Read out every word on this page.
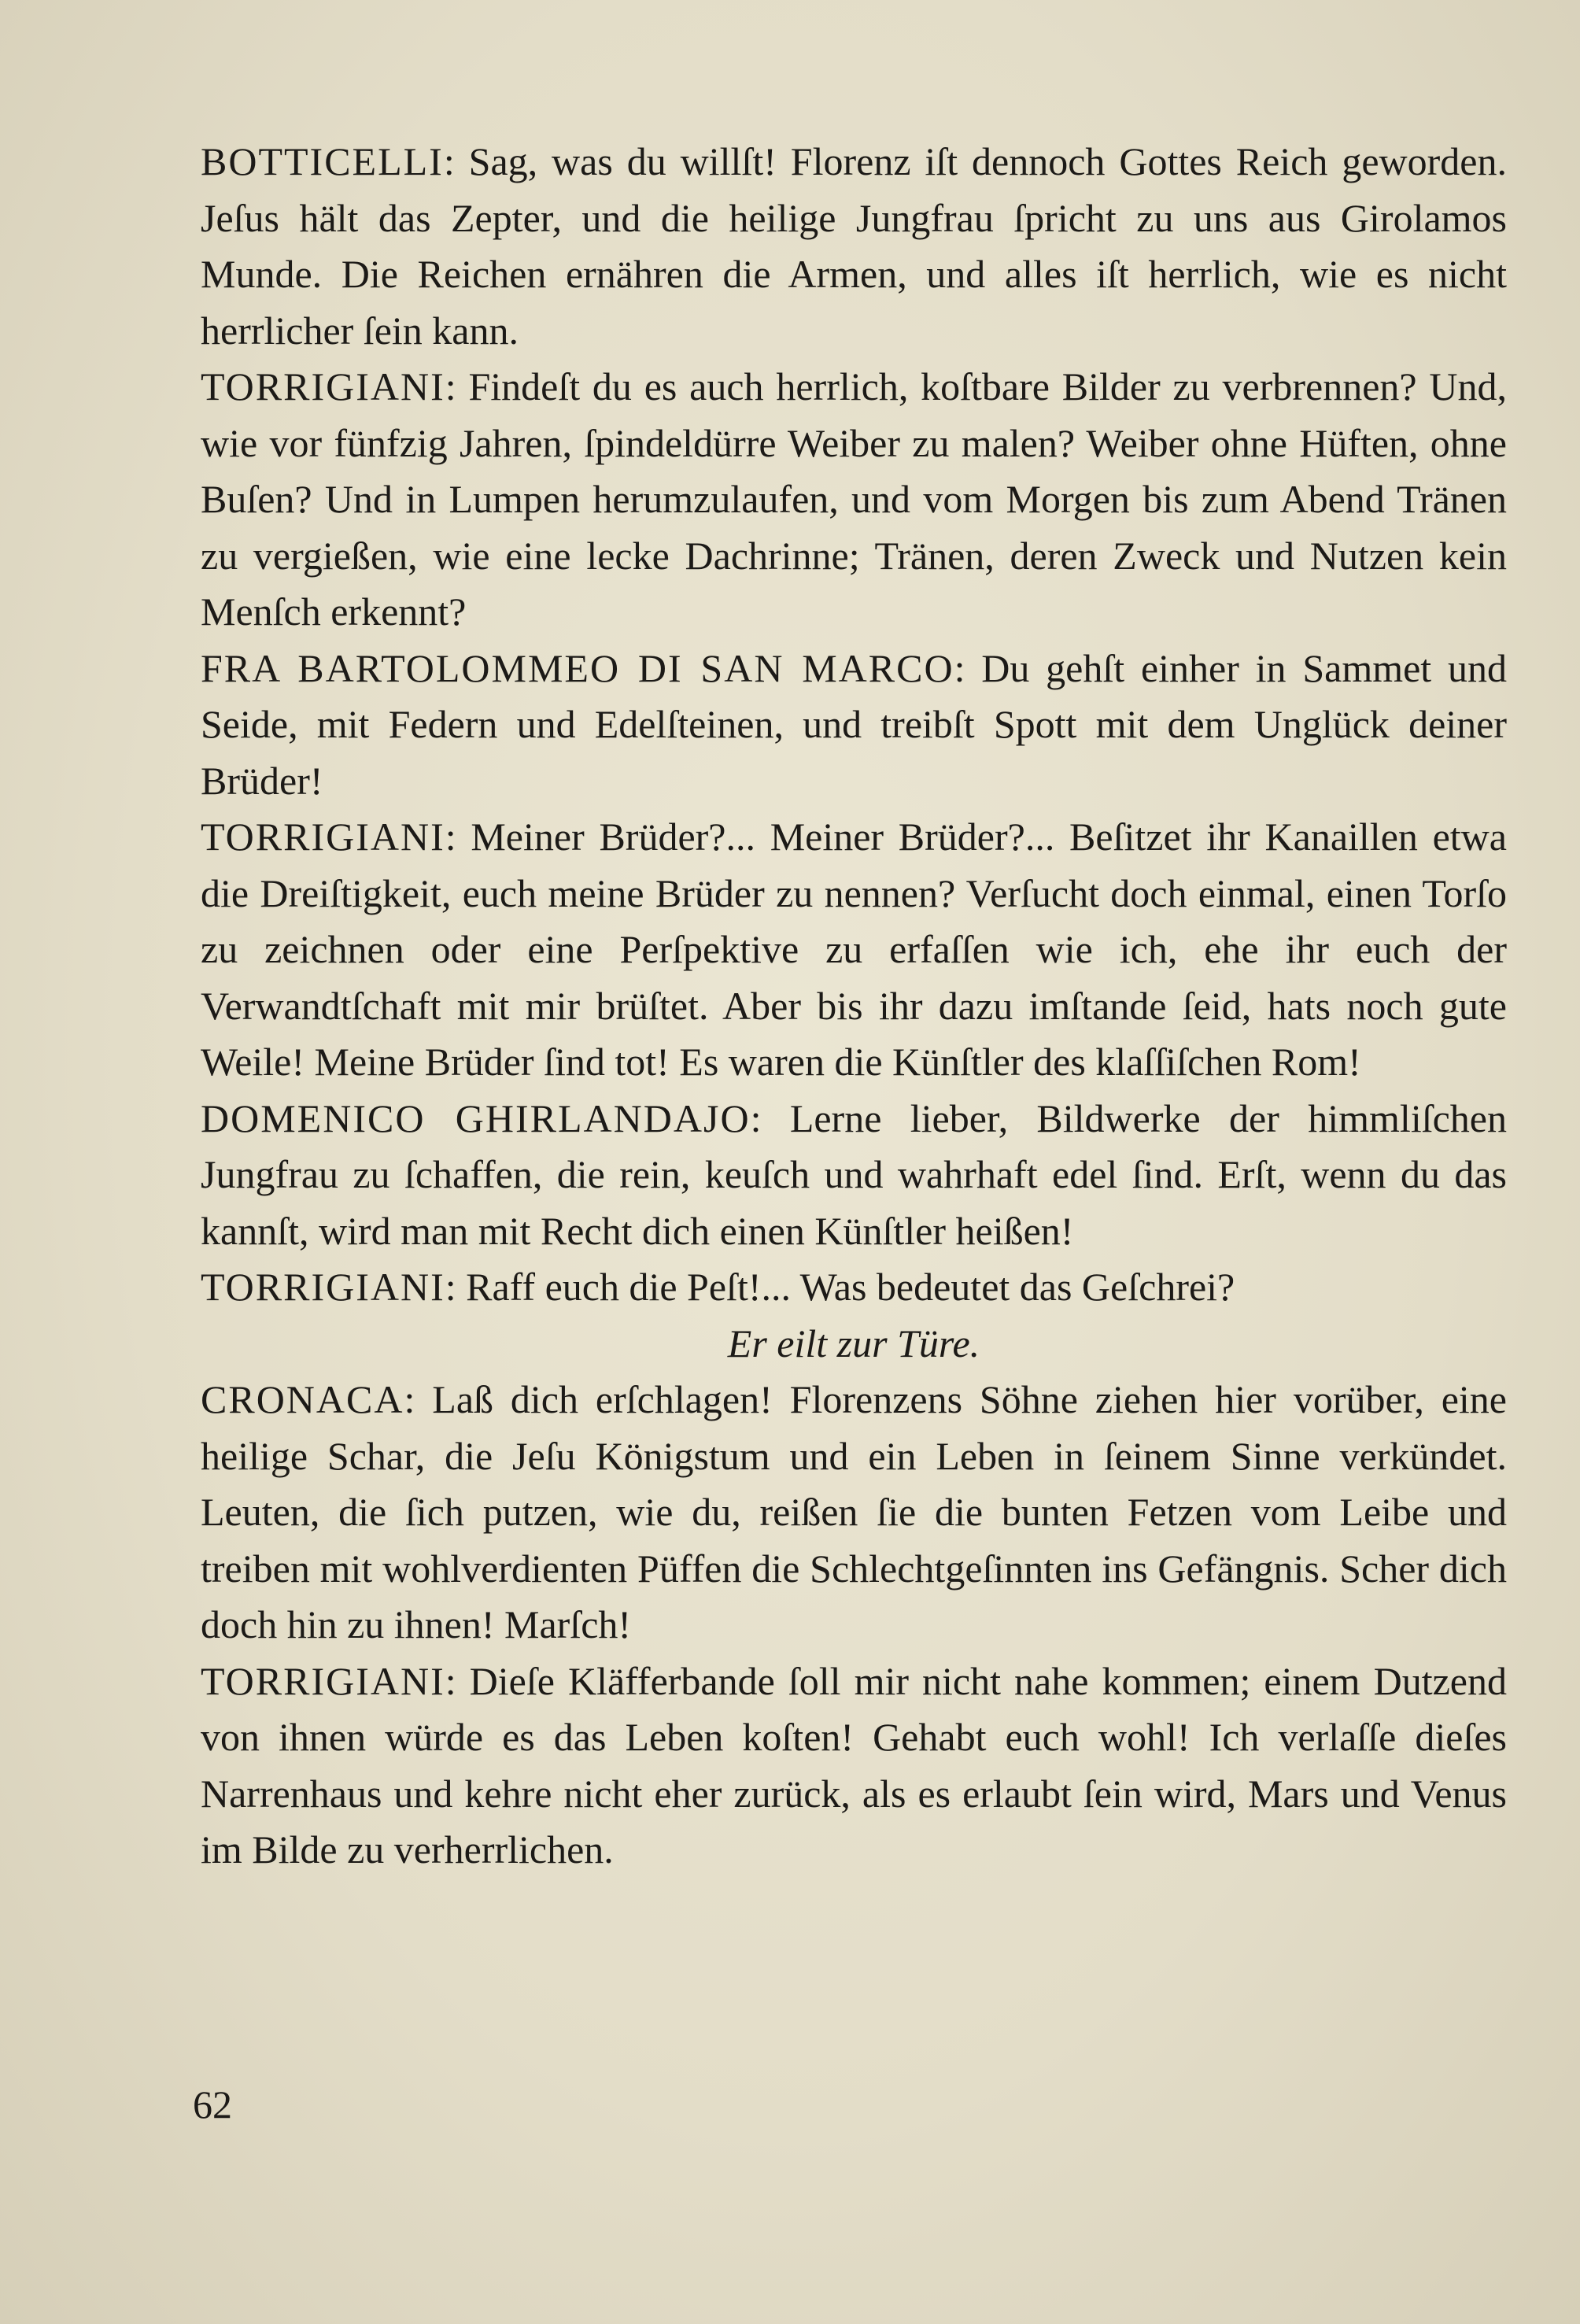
BOTTICELLI: Sag, was du willſt! Florenz iſt dennoch Gottes Reich geworden. Jeſus hält das Zepter, und die heilige Jungfrau ſpricht zu uns aus Girolamos Munde. Die Reichen ernähren die Armen, und alles iſt herrlich, wie es nicht herrlicher ſein kann.

TORRIGIANI: Findeſt du es auch herrlich, koſtbare Bilder zu verbrennen? Und, wie vor fünfzig Jahren, ſpindeldürre Weiber zu malen? Weiber ohne Hüften, ohne Buſen? Und in Lumpen herumzulaufen, und vom Morgen bis zum Abend Tränen zu vergießen, wie eine lecke Dachrinne; Tränen, deren Zweck und Nutzen kein Menſch erkennt?

FRA BARTOLOMMEO DI SAN MARCO: Du gehſt einher in Sammet und Seide, mit Federn und Edelſteinen, und treibſt Spott mit dem Unglück deiner Brüder!

TORRIGIANI: Meiner Brüder?... Meiner Brüder?... Beſitzet ihr Kanaillen etwa die Dreiſtigkeit, euch meine Brüder zu nennen? Verſucht doch einmal, einen Torſo zu zeichnen oder eine Perſpektive zu erfaſſen wie ich, ehe ihr euch der Verwandtſchaft mit mir brüſtet. Aber bis ihr dazu imſtande ſeid, hats noch gute Weile! Meine Brüder ſind tot! Es waren die Künſtler des klaſſiſchen Rom!

DOMENICO GHIRLANDAJO: Lerne lieber, Bildwerke der himmliſchen Jungfrau zu ſchaffen, die rein, keuſch und wahrhaft edel ſind. Erſt, wenn du das kannſt, wird man mit Recht dich einen Künſtler heißen!

TORRIGIANI: Raff euch die Peſt!... Was bedeutet das Geſchrei?

Er eilt zur Türe.

CRONACA: Laß dich erſchlagen! Florenzens Söhne ziehen hier vorüber, eine heilige Schar, die Jeſu Königstum und ein Leben in ſeinem Sinne verkündet. Leuten, die ſich putzen, wie du, reißen ſie die bunten Fetzen vom Leibe und treiben mit wohlverdienten Püffen die Schlechtgeſinnten ins Gefängnis. Scher dich doch hin zu ihnen! Marſch!

TORRIGIANI: Dieſe Kläfferbande ſoll mir nicht nahe kommen; einem Dutzend von ihnen würde es das Leben koſten! Gehabt euch wohl! Ich verlaſſe dieſes Narrenhaus und kehre nicht eher zurück, als es erlaubt ſein wird, Mars und Venus im Bilde zu verherrlichen.

62
